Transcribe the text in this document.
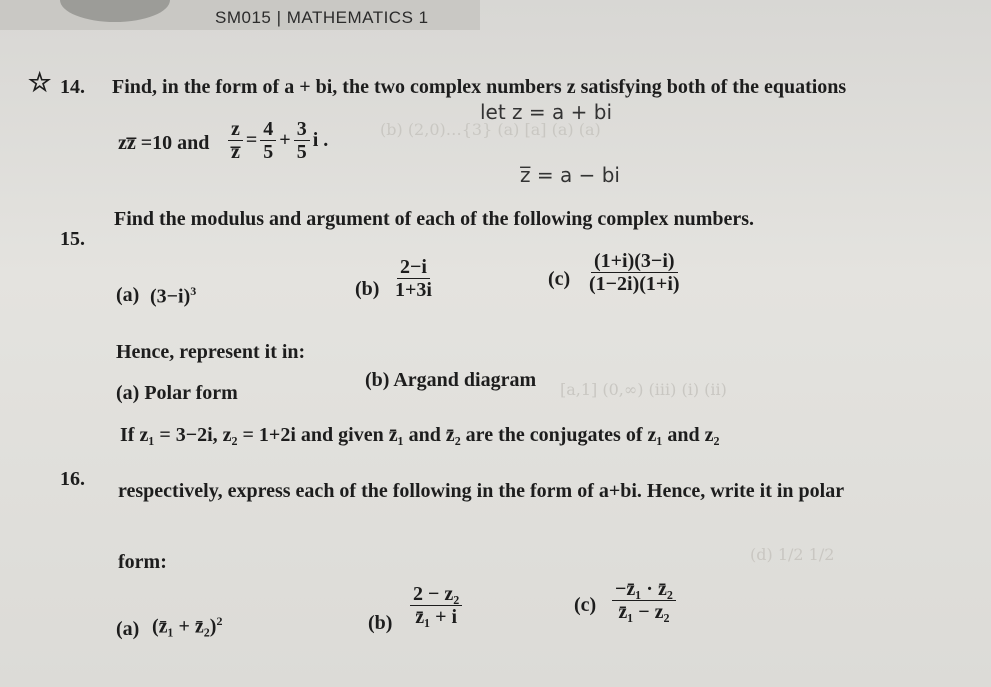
SM015 | MATHEMATICS 1
(b) (2,0)…{3} (a) [a] (a) (a)
[a,1] (0,∞) (iii) (i) (ii)
(d) 1/2 1/2
☆ 14. Find, in the form of a + bi, the two complex numbers z satisfying both of the equations
zz̅ =10 and $\frac{z}{z̅} = \frac{4}{5} + \frac{3}{5}$ i .
let z = a + bi
z̅ = a − bi
15.
Find the modulus and argument of each of the following complex numbers.
(a) $(3-i)^3$	$(b) \frac{2-i}{1+3i}$	$(c) \frac{(1+i)(3-i)}{(1-2i)(1+i)}$
Hence, represent it in:
(a) Polar form
(b) Argand diagram
16.
If z₁ = 3−2i, z₂ = 1+2i and given z̄₁ and z̄₂ are the conjugates of z₁ and z₂
respectively, express each of the following in the form of a+bi. Hence, write it in polar
form:
(a) (z̄₁ + z̄₂)$^2$	$(b) \frac{\text{2 − z₂}}{\text{z̄₁ + i}}$	$(c) \frac{\text{−z̄₁ · z̄₂}}{\text{z̄₁ − z₂}}$
